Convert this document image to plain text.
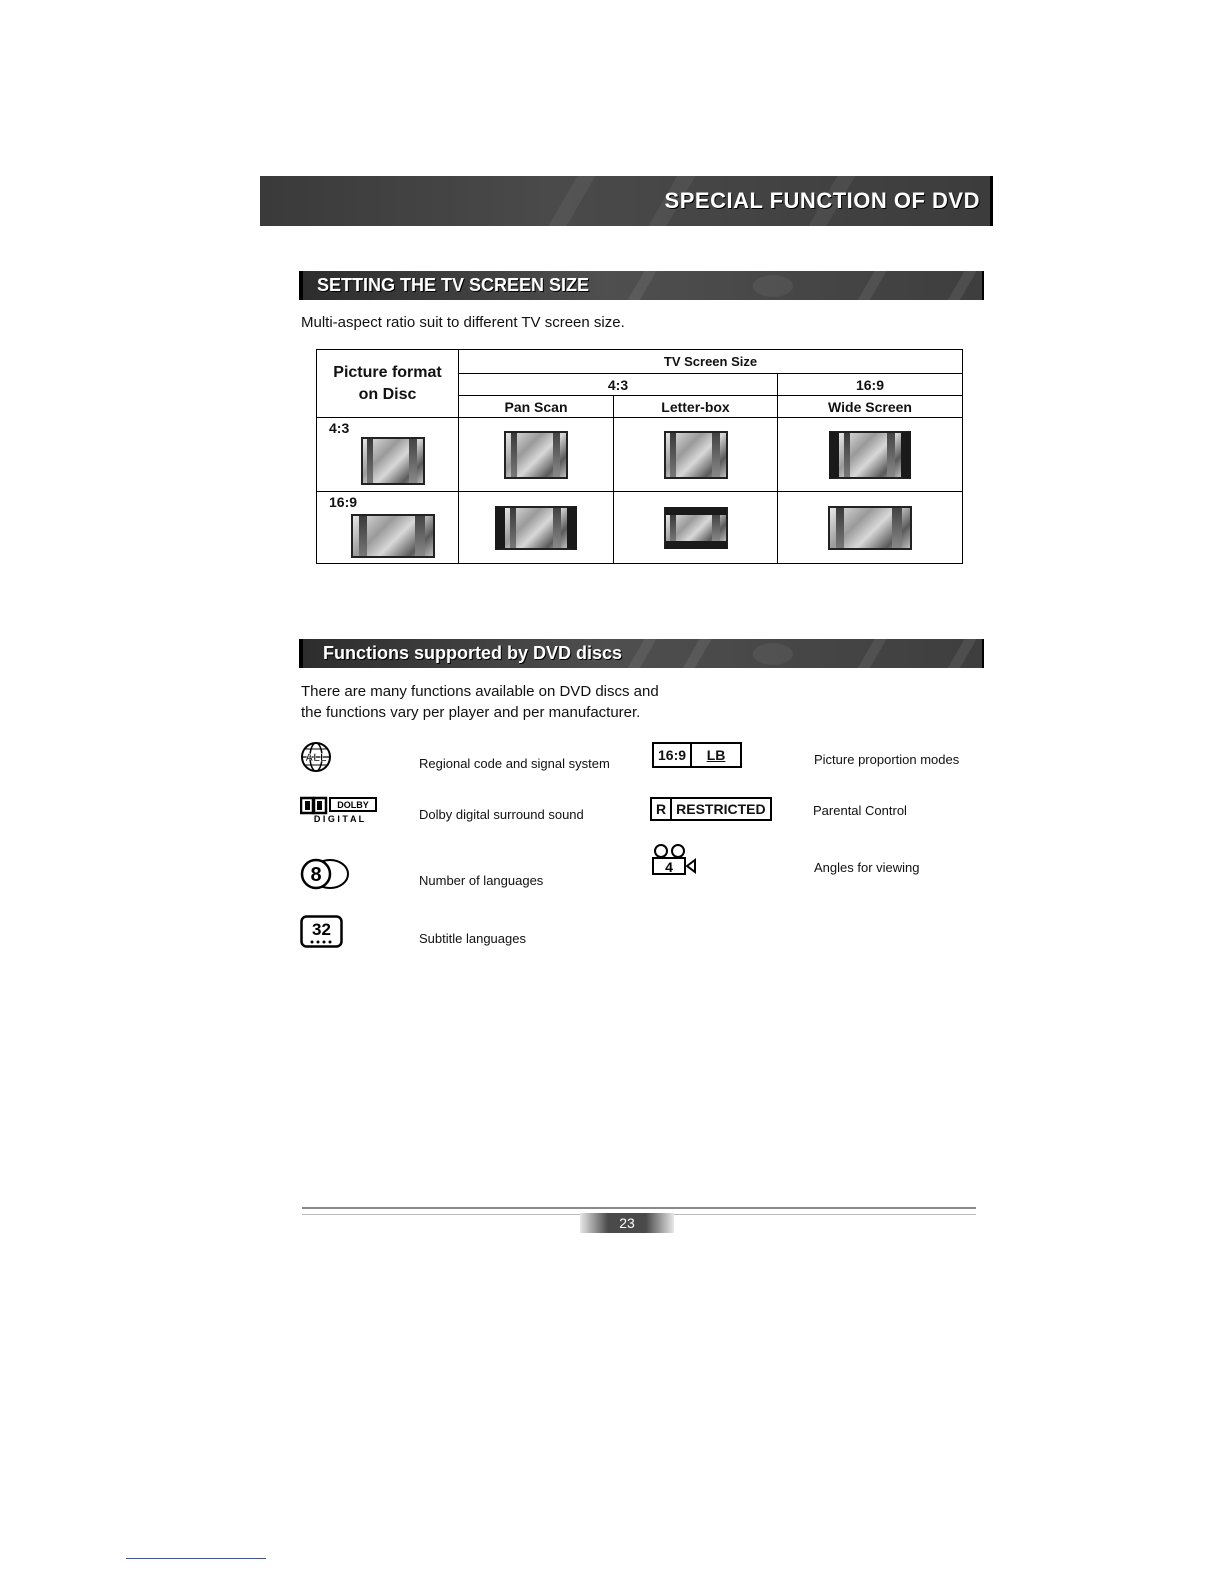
SPECIAL FUNCTION OF DVD
SETTING THE TV SCREEN SIZE
Multi-aspect ratio suit to different TV screen size.
Picture format
on Disc	TV Screen Size		
	4:3		16:9
	Pan Scan	Letter-box	Wide Screen

4:3			

16:9			

Functions supported by DVD discs
There are many functions available on DVD discs and
the functions vary per player and per manufacturer.
ALL	Regional code and signal system
DOLBY
D I G I T A L	Dolby digital surround sound
8	Number of languages
32	Subtitle languages
16:9	LB	Picture proportion modes
R RESTRICTED	Parental Control
4	Angles for viewing
23
